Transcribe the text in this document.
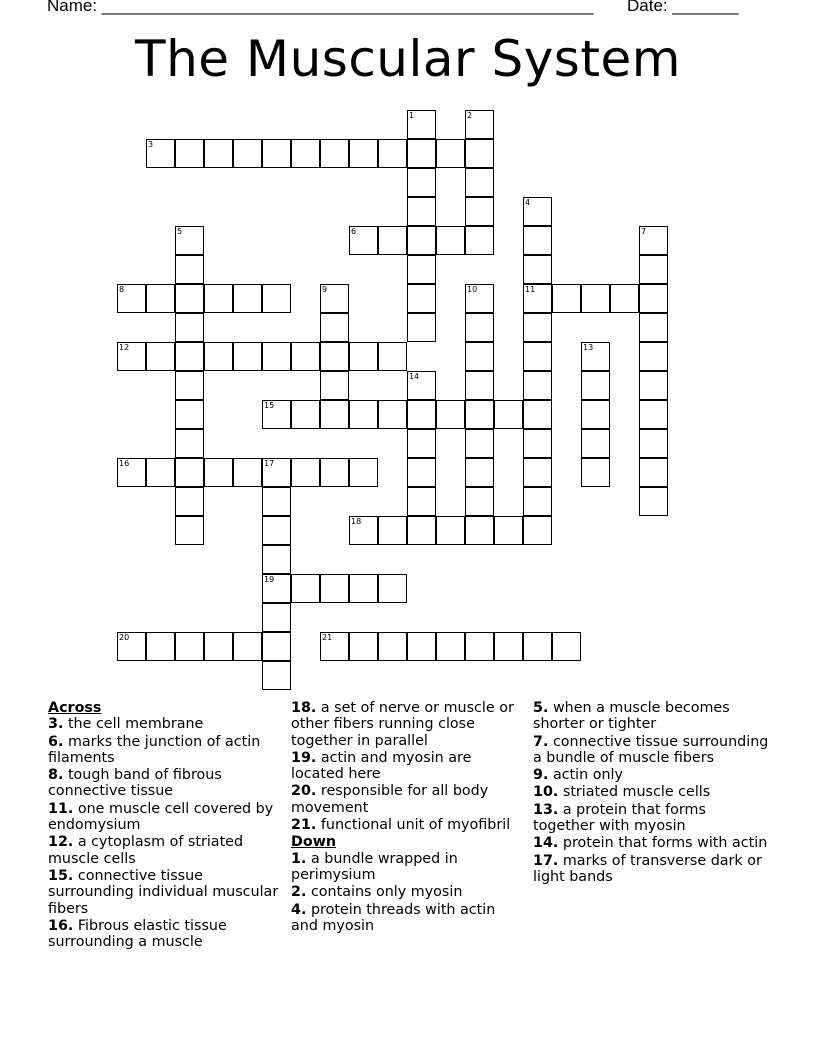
Name: ____________________________________________________ Date: _______
The Muscular System
1	2
3
4
11
5	6	7
8	9	10
12	13
14
15
16	17
19
18
20	21
Across
3. the cell membrane
6. marks the junction of actin filaments
8. tough band of fibrous connective tissue
11. one muscle cell covered by endomysium
12. a cytoplasm of striated muscle cells
15. connective tissue surrounding individual muscular fibers
16. Fibrous elastic tissue surrounding a muscle
18. a set of nerve or muscle or other fibers running close together in parallel
19. actin and myosin are located here
20. responsible for all body movement
21. functional unit of myofibril
Down
1. a bundle wrapped in perimysium
2. contains only myosin
4. protein threads with actin and myosin
5. when a muscle becomes shorter or tighter
7. connective tissue surrounding a bundle of muscle fibers
9. actin only
10. striated muscle cells
13. a protein that forms together with myosin
14. protein that forms with actin
17. marks of transverse dark or light bands
